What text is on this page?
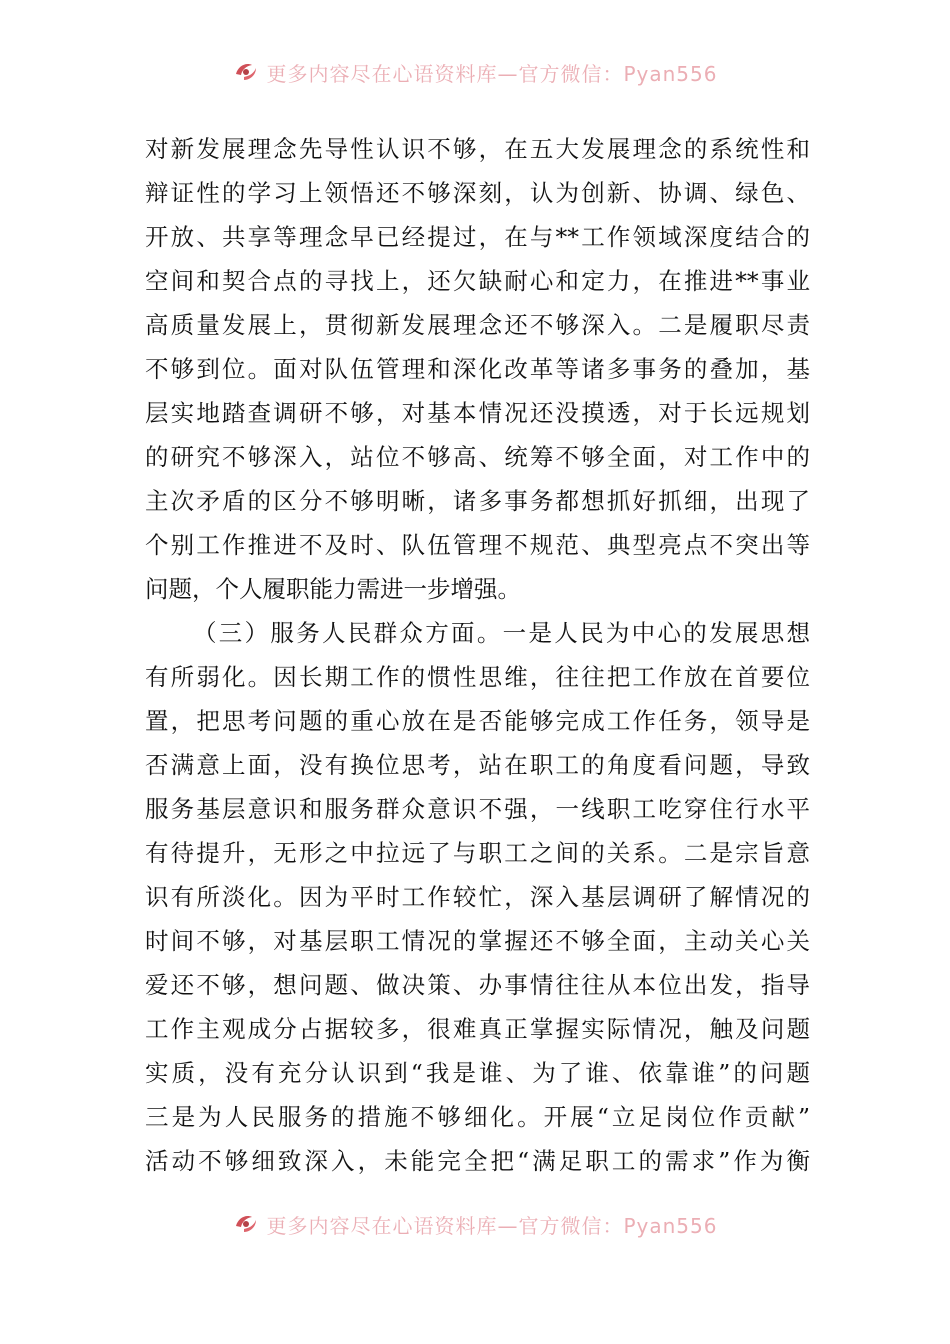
更多内容尽在心语资料库—官方微信：Pyan556
对新发展理念先导性认识不够，在五大发展理念的系统性和
辩证性的学习上领悟还不够深刻，认为创新、协调、绿色、
开放、共享等理念早已经提过，在与**工作领域深度结合的
空间和契合点的寻找上，还欠缺耐心和定力，在推进**事业
高质量发展上，贯彻新发展理念还不够深入。二是履职尽责
不够到位。面对队伍管理和深化改革等诸多事务的叠加，基
层实地踏查调研不够，对基本情况还没摸透，对于长远规划
的研究不够深入，站位不够高、统筹不够全面，对工作中的
主次矛盾的区分不够明晰，诸多事务都想抓好抓细，出现了
个别工作推进不及时、队伍管理不规范、典型亮点不突出等
问题，个人履职能力需进一步增强。
（三）服务人民群众方面。一是人民为中心的发展思想
有所弱化。因长期工作的惯性思维，往往把工作放在首要位
置，把思考问题的重心放在是否能够完成工作任务，领导是
否满意上面，没有换位思考，站在职工的角度看问题，导致
服务基层意识和服务群众意识不强，一线职工吃穿住行水平
有待提升，无形之中拉远了与职工之间的关系。二是宗旨意
识有所淡化。因为平时工作较忙，深入基层调研了解情况的
时间不够，对基层职工情况的掌握还不够全面，主动关心关
爱还不够，想问题、做决策、办事情往往从本位出发，指导
工作主观成分占据较多，很难真正掌握实际情况，触及问题
实质，没有充分认识到“我是谁、为了谁、依靠谁”的问题
三是为人民服务的措施不够细化。开展“立足岗位作贡献”
活动不够细致深入，未能完全把“满足职工的需求”作为衡
更多内容尽在心语资料库—官方微信：Pyan556
